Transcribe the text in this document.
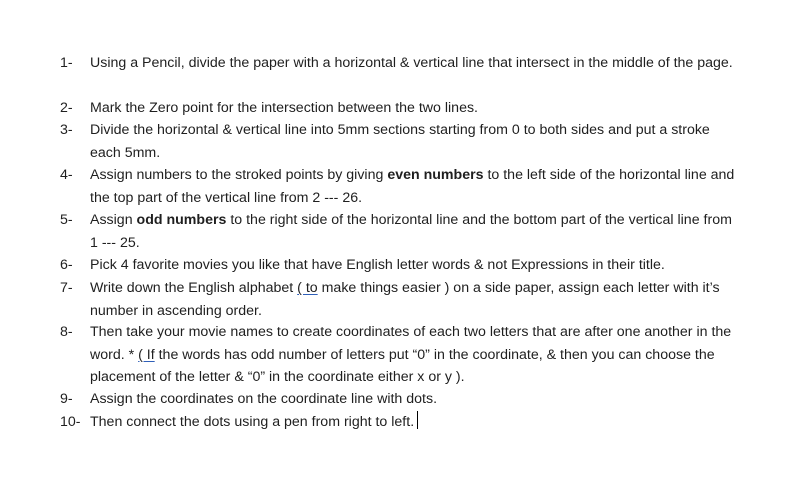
1-	Using a Pencil, divide the paper with a horizontal & vertical line that intersect in the middle of the page.
2-	Mark the Zero point for the intersection between the two lines.
3-	Divide the horizontal & vertical line into 5mm sections starting from 0 to both sides and put a stroke each 5mm.
4-	Assign numbers to the stroked points by giving even numbers to the left side of the horizontal line and the top part of the vertical line from 2 --- 26.
5-	Assign odd numbers to the right side of the horizontal line and the bottom part of the vertical line from 1 --- 25.
6-	Pick 4 favorite movies you like that have English letter words & not Expressions in their title.
7-	Write down the English alphabet ( to make things easier ) on a side paper, assign each letter with it’s number in ascending order.
8-	Then take your movie names to create coordinates of each two letters that are after one another in the word. * ( If the words has odd number of letters put “0” in the coordinate, & then you can choose the placement of the letter & “0” in the coordinate either x or y ).
9-	Assign the coordinates on the coordinate line with dots.
10- Then connect the dots using a pen from right to left.
